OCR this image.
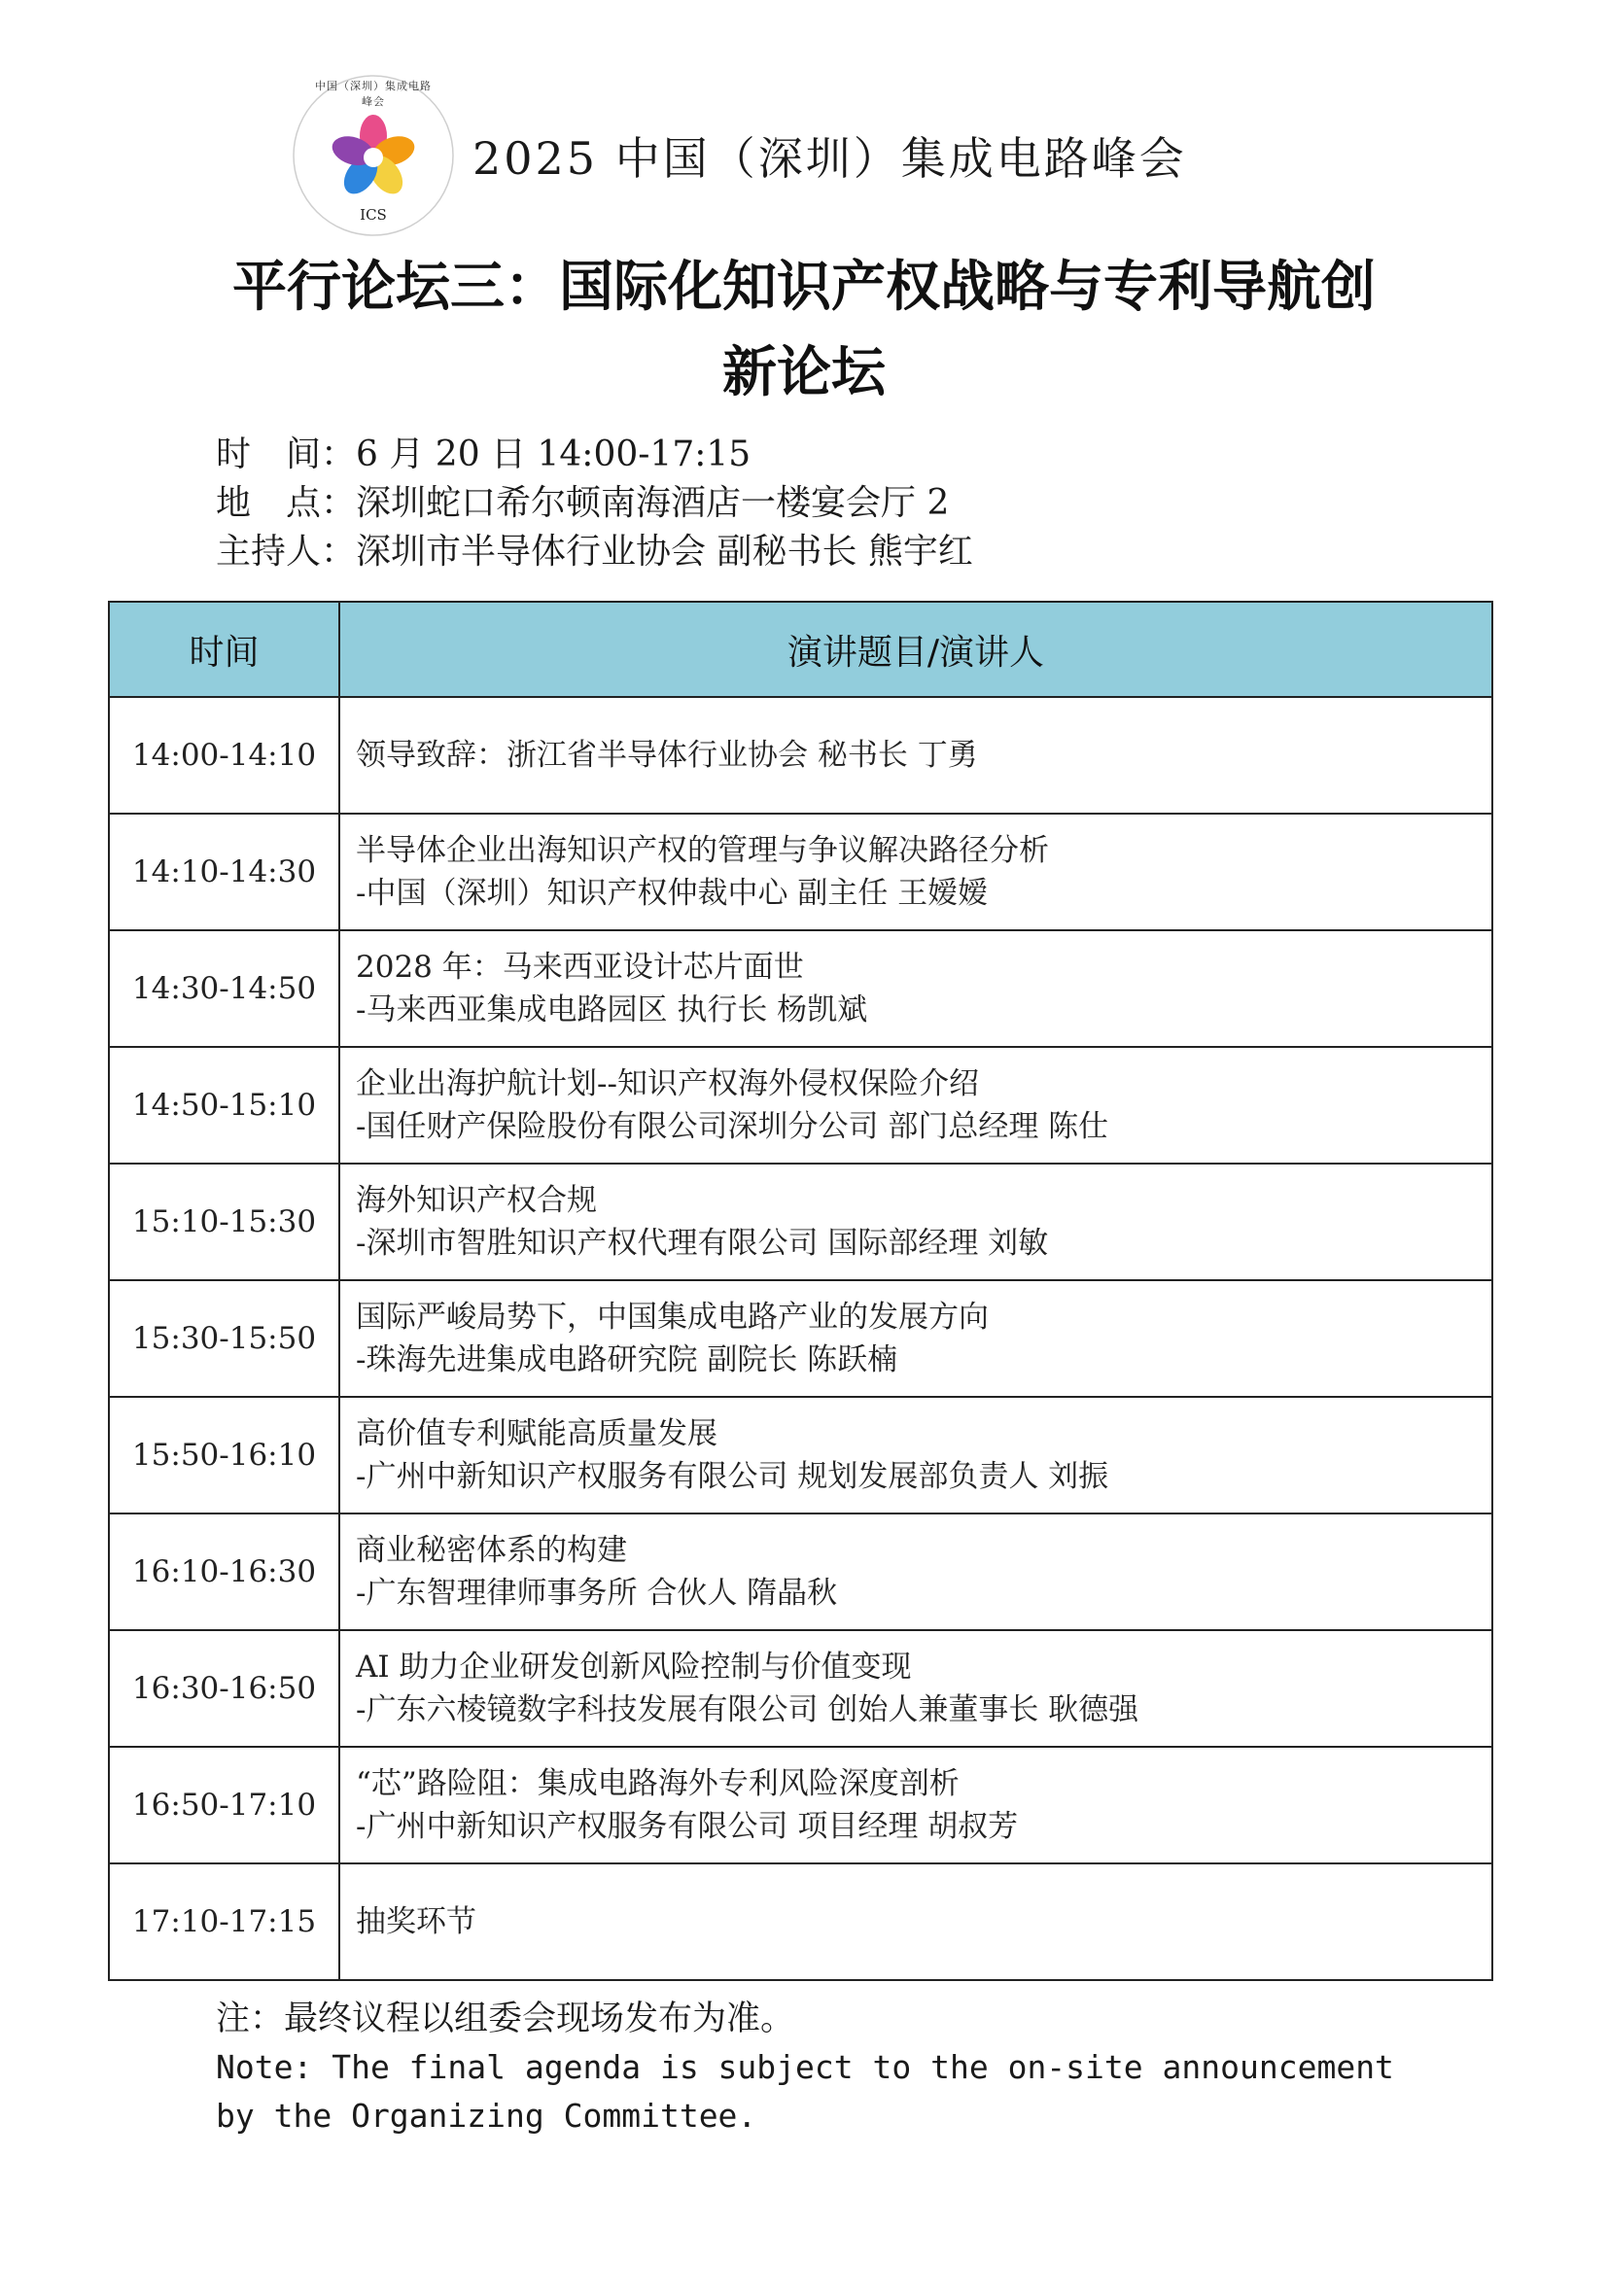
中国（深圳）集成电路峰会
ICS
2025 中国（深圳）集成电路峰会
平行论坛三：国际化知识产权战略与专利导航创
新论坛
时　间：6 月 20 日 14:00-17:15
地　点：深圳蛇口希尔顿南海酒店一楼宴会厅 2
主持人：深圳市半导体行业协会 副秘书长 熊宇红
时间	演讲题目/演讲人
14:00-14:10	领导致辞：浙江省半导体行业协会 秘书长 丁勇

14:10-14:30	半导体企业出海知识产权的管理与争议解决路径分析
-中国（深圳）知识产权仲裁中心 副主任 王嫒嫒

14:30-14:50	2028 年：马来西亚设计芯片面世
-马来西亚集成电路园区 执行长 杨凯斌

14:50-15:10	企业出海护航计划--知识产权海外侵权保险介绍
-国任财产保险股份有限公司深圳分公司 部门总经理 陈仕

15:10-15:30	海外知识产权合规
-深圳市智胜知识产权代理有限公司 国际部经理 刘敏

15:30-15:50	国际严峻局势下，中国集成电路产业的发展方向
-珠海先进集成电路研究院 副院长 陈跃楠

15:50-16:10	高价值专利赋能高质量发展
-广州中新知识产权服务有限公司 规划发展部负责人 刘振

16:10-16:30	商业秘密体系的构建
-广东智理律师事务所 合伙人 隋晶秋

16:30-16:50	AI 助力企业研发创新风险控制与价值变现
-广东六棱镜数字科技发展有限公司 创始人兼董事长 耿德强

16:50-17:10	“芯”路险阻：集成电路海外专利风险深度剖析
-广州中新知识产权服务有限公司 项目经理 胡叔芳

17:10-17:15	抽奖环节
注：最终议程以组委会现场发布为准。
Note: The final agenda is subject to the on-site announcement by the Organizing Committee.
